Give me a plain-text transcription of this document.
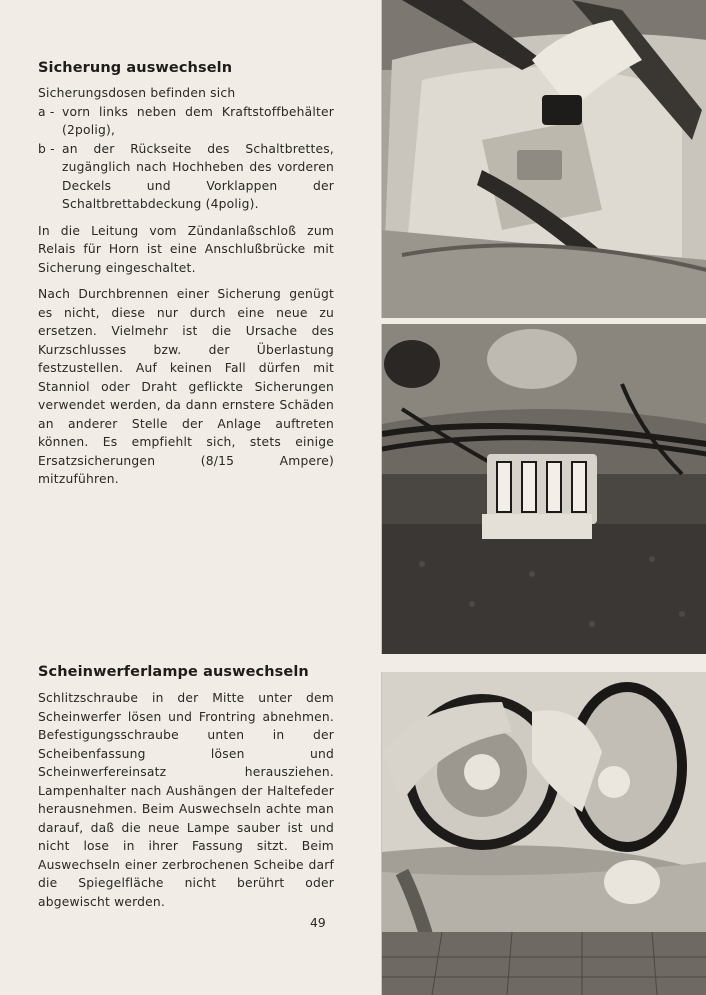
Sicherung auswechseln

Sicherungsdosen befinden sich

a - vorn links neben dem Kraftstoffbehälter (2polig),
b - an der Rückseite des Schaltbrettes, zugänglich nach Hochheben des vorderen Deckels und Vorklappen der Schaltbrettabdeckung (4polig).

In die Leitung vom Zündanlaßschloß zum Relais für Horn ist eine Anschlußbrücke mit Sicherung eingeschaltet.

Nach Durchbrennen einer Sicherung genügt es nicht, diese nur durch eine neue zu ersetzen. Vielmehr ist die Ursache des Kurzschlusses bzw. der Überlastung festzustellen. Auf keinen Fall dürfen mit Stanniol oder Draht geflickte Sicherungen verwendet werden, da dann ernstere Schäden an anderer Stelle der Anlage auftreten können. Es empfiehlt sich, stets einige Ersatzsicherungen (8/15 Ampere) mitzuführen.

Scheinwerferlampe auswechseln

Schlitzschraube in der Mitte unter dem Scheinwerfer lösen und Frontring abnehmen. Befestigungsschraube unten in der Scheibenfassung lösen und Scheinwerfereinsatz herausziehen. Lampenhalter nach Aushängen der Haltefeder herausnehmen. Beim Auswechseln achte man darauf, daß die neue Lampe sauber ist und nicht lose in ihrer Fassung sitzt. Beim Auswechseln einer zerbrochenen Scheibe darf die Spiegelfläche nicht berührt oder abgewischt werden.

49
